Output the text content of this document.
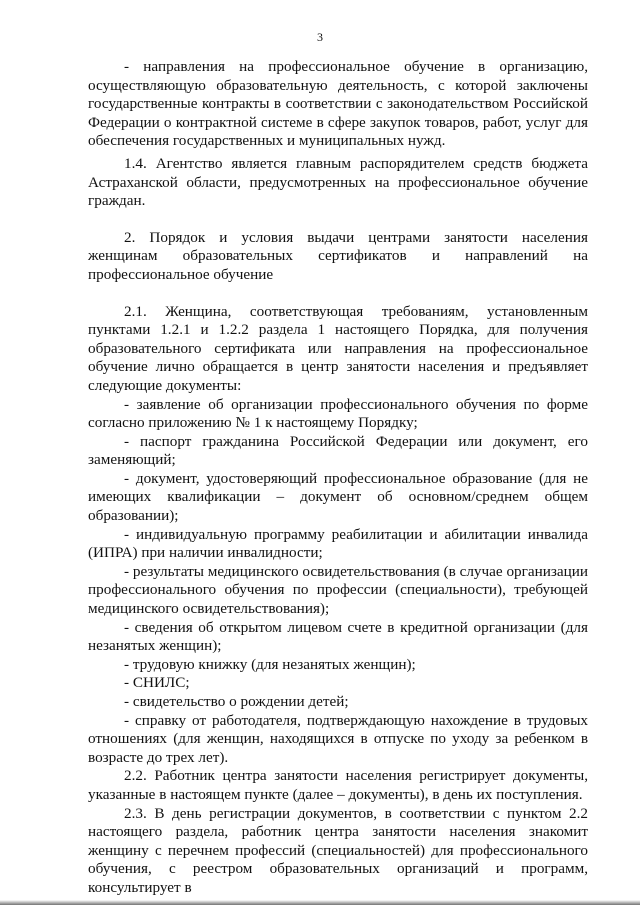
3

- направления на профессиональное обучение в организацию, осуществляющую образовательную деятельность, с которой заключены государственные контракты в соответствии с законодательством Российской Федерации о контрактной системе в сфере закупок товаров, работ, услуг для обеспечения государственных и муниципальных нужд.

1.4. Агентство является главным распорядителем средств бюджета Астраханской области, предусмотренных на профессиональное обучение граждан.

2. Порядок и условия выдачи центрами занятости населения женщинам образовательных сертификатов и направлений на профессиональное обучение

2.1. Женщина, соответствующая требованиям, установленным пунктами 1.2.1 и 1.2.2 раздела 1 настоящего Порядка, для получения образовательного сертификата или направления на профессиональное обучение лично обращается в центр занятости населения и предъявляет следующие документы:

- заявление об организации профессионального обучения по форме согласно приложению № 1 к настоящему Порядку;

- паспорт гражданина Российской Федерации или документ, его заменяющий;

- документ, удостоверяющий профессиональное образование (для не имеющих квалификации – документ об основном/среднем общем образовании);

- индивидуальную программу реабилитации и абилитации инвалида (ИПРА) при наличии инвалидности;

- результаты медицинского освидетельствования (в случае организации профессионального обучения по профессии (специальности), требующей медицинского освидетельствования);

- сведения об открытом лицевом счете в кредитной организации (для незанятых женщин);

- трудовую книжку (для незанятых женщин);

- СНИЛС;

- свидетельство о рождении детей;

- справку от работодателя, подтверждающую нахождение в трудовых отношениях (для женщин, находящихся в отпуске по уходу за ребенком в возрасте до трех лет).

2.2. Работник центра занятости населения регистрирует документы, указанные в настоящем пункте (далее – документы), в день их поступления.

2.3. В день регистрации документов, в соответствии с пунктом 2.2 настоящего раздела, работник центра занятости населения знакомит женщину с перечнем профессий (специальностей) для профессионального обучения, с реестром образовательных организаций и программ, консультирует в
